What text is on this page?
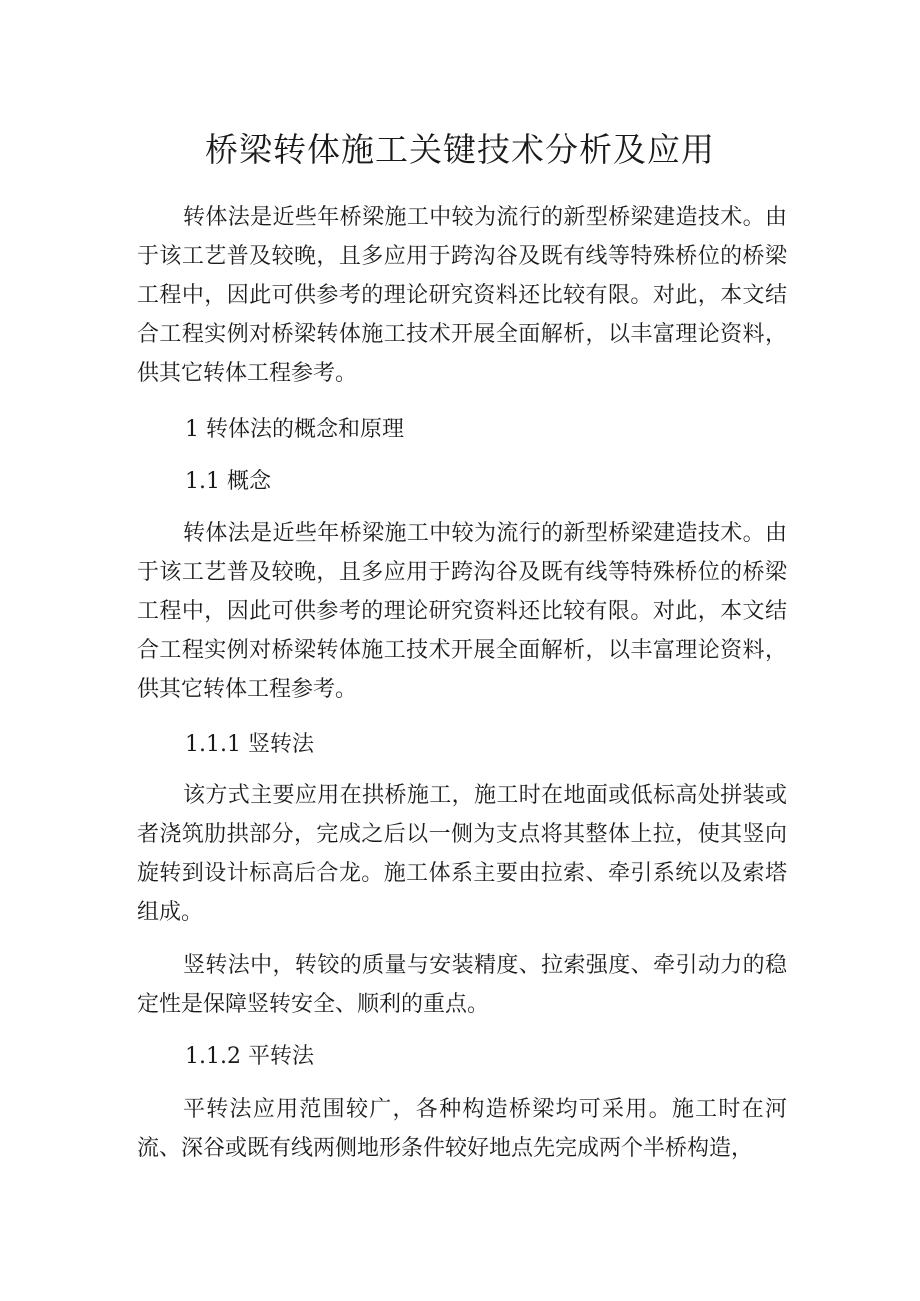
桥梁转体施工关键技术分析及应用

转体法是近些年桥梁施工中较为流行的新型桥梁建造技术。由于该工艺普及较晚，且多应用于跨沟谷及既有线等特殊桥位的桥梁工程中，因此可供参考的理论研究资料还比较有限。对此，本文结合工程实例对桥梁转体施工技术开展全面解析，以丰富理论资料，供其它转体工程参考。

1 转体法的概念和原理

1.1 概念

转体法是近些年桥梁施工中较为流行的新型桥梁建造技术。由于该工艺普及较晚，且多应用于跨沟谷及既有线等特殊桥位的桥梁工程中，因此可供参考的理论研究资料还比较有限。对此，本文结合工程实例对桥梁转体施工技术开展全面解析，以丰富理论资料，供其它转体工程参考。

1.1.1 竖转法

该方式主要应用在拱桥施工，施工时在地面或低标高处拼装或者浇筑肋拱部分，完成之后以一侧为支点将其整体上拉，使其竖向旋转到设计标高后合龙。施工体系主要由拉索、牵引系统以及索塔组成。

竖转法中，转铰的质量与安装精度、拉索强度、牵引动力的稳定性是保障竖转安全、顺利的重点。

1.1.2 平转法

平转法应用范围较广，各种构造桥梁均可采用。施工时在河流、深谷或既有线两侧地形条件较好地点先完成两个半桥构造，
